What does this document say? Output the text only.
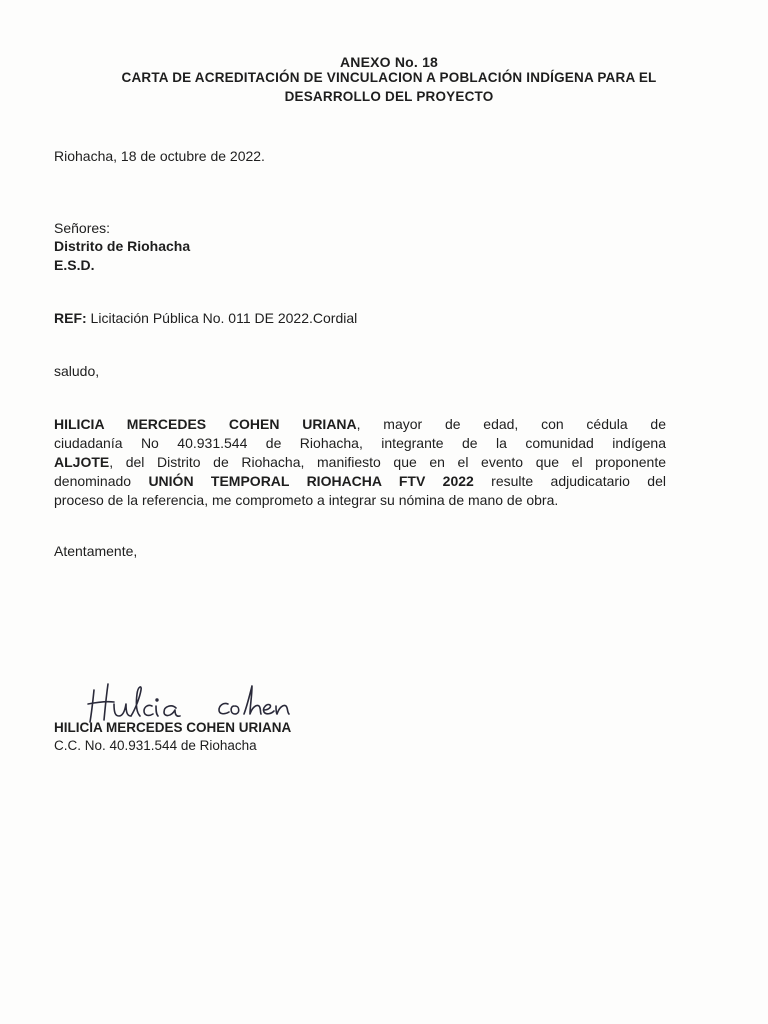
ANEXO No. 18
CARTA DE ACREDITACIÓN DE VINCULACION A POBLACIÓN INDÍGENA PARA EL
DESARROLLO DEL PROYECTO
Riohacha, 18 de octubre de 2022.
Señores:
Distrito de Riohacha
E.S.D.
REF: Licitación Pública No. 011 DE 2022.Cordial
saludo,
HILICIA MERCEDES COHEN URIANA, mayor de edad, con cédula de
ciudadanía No 40.931.544 de Riohacha, integrante de la comunidad indígena
ALJOTE, del Distrito de Riohacha, manifiesto que en el evento que el proponente
denominado UNIÓN TEMPORAL RIOHACHA FTV 2022 resulte adjudicatario del
proceso de la referencia, me comprometo a integrar su nómina de mano de obra.
Atentamente,
Hilicia cohen
HILICIA MERCEDES COHEN URIANA
C.C. No. 40.931.544 de Riohacha
